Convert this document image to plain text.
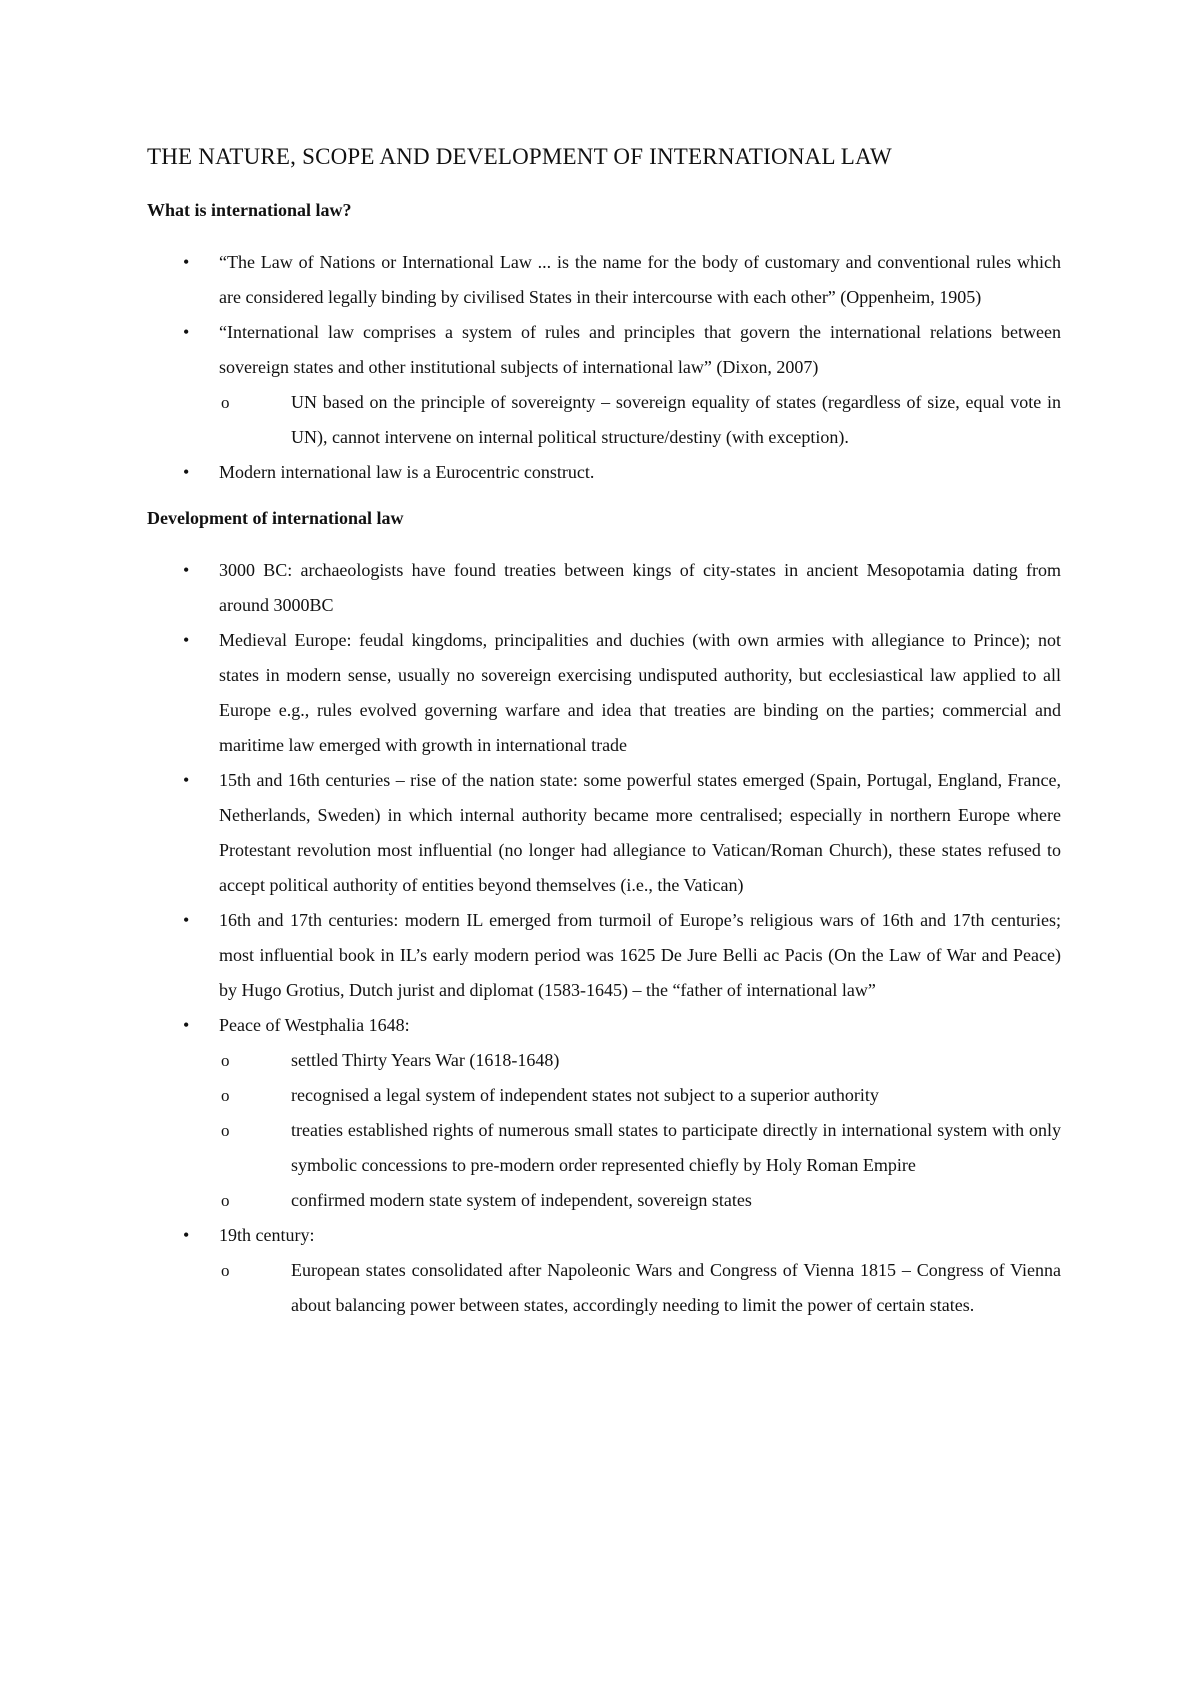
THE NATURE, SCOPE AND DEVELOPMENT OF INTERNATIONAL LAW
What is international law?
•	“The Law of Nations or International Law ... is the name for the body of customary and conventional rules which are considered legally binding by civilised States in their intercourse with each other” (Oppenheim, 1905)
•	“International law comprises a system of rules and principles that govern the international relations between sovereign states and other institutional subjects of international law” (Dixon, 2007)
o	UN based on the principle of sovereignty – sovereign equality of states (regardless of size, equal vote in UN), cannot intervene on internal political structure/destiny (with exception).
•	Modern international law is a Eurocentric construct.
Development of international law
•	3000 BC: archaeologists have found treaties between kings of city-states in ancient Mesopotamia dating from around 3000BC
•	Medieval Europe: feudal kingdoms, principalities and duchies (with own armies with allegiance to Prince); not states in modern sense, usually no sovereign exercising undisputed authority, but ecclesiastical law applied to all Europe e.g., rules evolved governing warfare and idea that treaties are binding on the parties; commercial and maritime law emerged with growth in international trade
•	15th and 16th centuries – rise of the nation state: some powerful states emerged (Spain, Portugal, England, France, Netherlands, Sweden) in which internal authority became more centralised; especially in northern Europe where Protestant revolution most influential (no longer had allegiance to Vatican/Roman Church), these states refused to accept political authority of entities beyond themselves (i.e., the Vatican)
•	16th and 17th centuries: modern IL emerged from turmoil of Europe’s religious wars of 16th and 17th centuries; most influential book in IL’s early modern period was 1625 De Jure Belli ac Pacis (On the Law of War and Peace) by Hugo Grotius, Dutch jurist and diplomat (1583-1645) – the “father of international law”
•	Peace of Westphalia 1648:
o	settled Thirty Years War (1618-1648)
o	recognised a legal system of independent states not subject to a superior authority
o	treaties established rights of numerous small states to participate directly in international system with only symbolic concessions to pre-modern order represented chiefly by Holy Roman Empire
o	confirmed modern state system of independent, sovereign states
•	19th century:
o	European states consolidated after Napoleonic Wars and Congress of Vienna 1815 – Congress of Vienna about balancing power between states, accordingly needing to limit the power of certain states.
